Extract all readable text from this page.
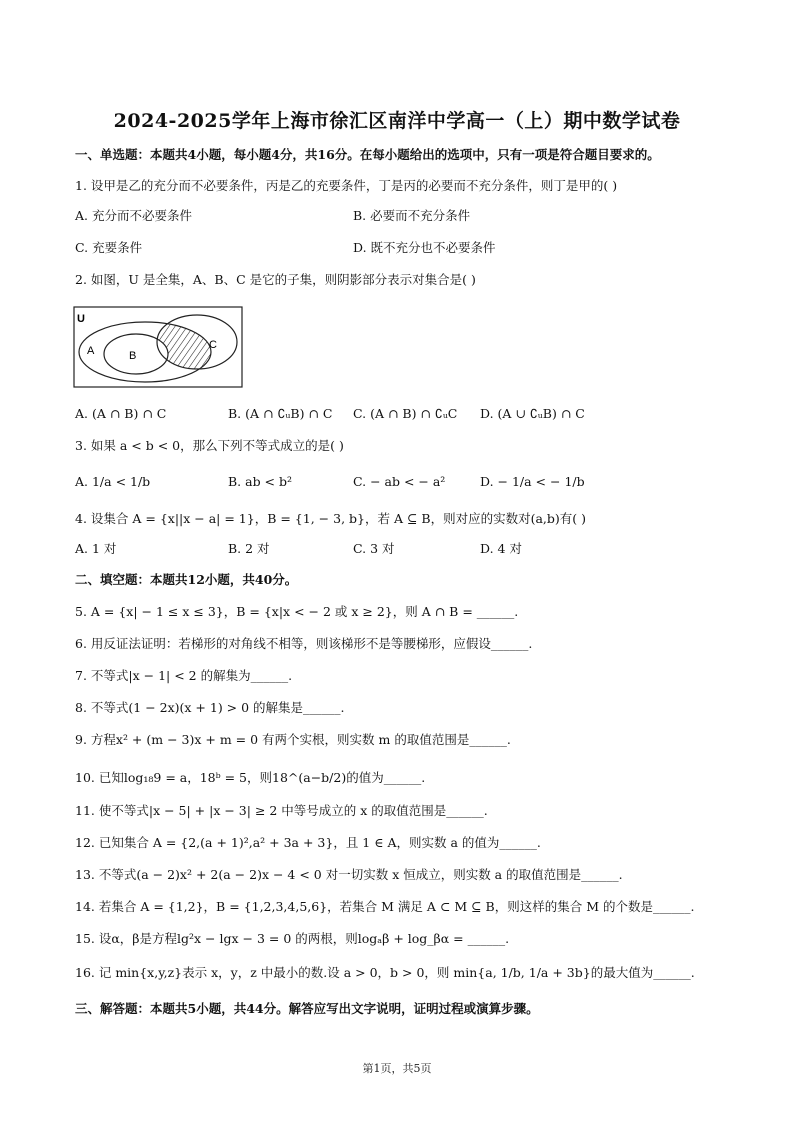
2024-2025学年上海市徐汇区南洋中学高一（上）期中数学试卷
一、单选题：本题共4小题，每小题4分，共16分。在每小题给出的选项中，只有一项是符合题目要求的。
1. 设甲是乙的充分而不必要条件，丙是乙的充要条件，丁是丙的必要而不充分条件，则丁是甲的( )
A. 充分而不必要条件	B. 必要而不充分条件
C. 充要条件	D. 既不充分也不必要条件
2. 如图，U 是全集，A、B、C 是它的子集，则阴影部分表示对集合是( )
U
A	B
C
A. (A ∩ B) ∩ C	B. (A ∩ ∁ᵤB) ∩ C C. (A ∩ B) ∩ ∁ᵤC D. (A ∪ ∁ᵤB) ∩ C
3. 如果 a < b < 0，那么下列不等式成立的是( )
A. 1/a < 1/b	B. ab < b²	C. − ab < − a²	D. − 1/a < − 1/b
4. 设集合 A = {x||x − a| = 1}，B = {1, − 3, b}，若 A ⊆ B，则对应的实数对(a,b)有( )
A. 1 对	B. 2 对	C. 3 对	D. 4 对
二、填空题：本题共12小题，共40分。
5. A = {x| − 1 ≤ x ≤ 3}，B = {x|x < − 2 或 x ≥ 2}，则 A ∩ B = ______.
6. 用反证法证明：若梯形的对角线不相等，则该梯形不是等腰梯形，应假设______.
7. 不等式|x − 1| < 2 的解集为______.
8. 不等式(1 − 2x)(x + 1) > 0 的解集是______.
9. 方程x² + (m − 3)x + m = 0 有两个实根，则实数 m 的取值范围是______.
10. 已知log₁₈9 = a，18ᵇ = 5，则18^(a−b/2)的值为______.
11. 使不等式|x − 5| + |x − 3| ≥ 2 中等号成立的 x 的取值范围是______.
12. 已知集合 A = {2,(a + 1)²,a² + 3a + 3}，且 1 ∈ A，则实数 a 的值为______.
13. 不等式(a − 2)x² + 2(a − 2)x − 4 < 0 对一切实数 x 恒成立，则实数 a 的取值范围是______.
14. 若集合 A = {1,2}，B = {1,2,3,4,5,6}，若集合 M 满足 A ⊂ M ⊆ B，则这样的集合 M 的个数是______.
15. 设α，β是方程lg²x − lgx − 3 = 0 的两根，则logₐβ + log_βα = ______.
16. 记 min{x,y,z}表示 x，y，z 中最小的数.设 a > 0，b > 0，则 min{a, 1/b, 1/a + 3b}的最大值为______.
三、解答题：本题共5小题，共44分。解答应写出文字说明，证明过程或演算步骤。
第1页，共5页
